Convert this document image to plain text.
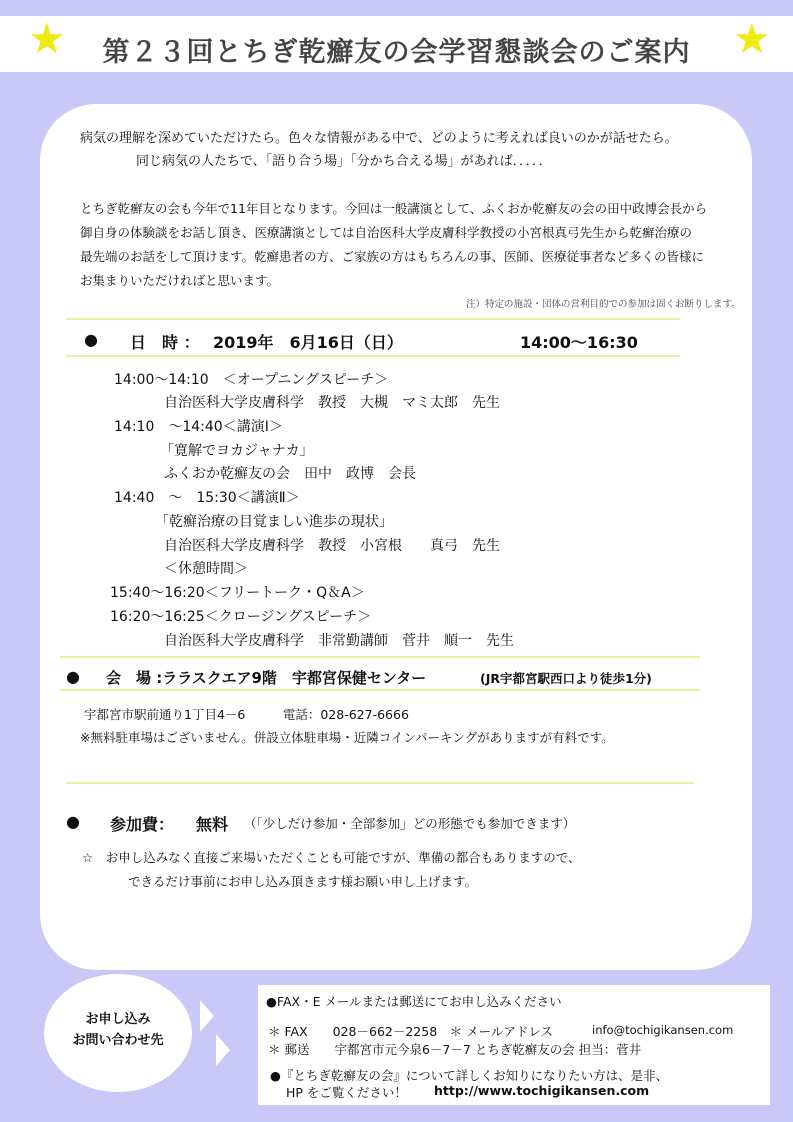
★	★
第２３回とちぎ乾癬友の会学習懇談会のご案内
病気の理解を深めていただけたら。色々な情報がある中で、どのように考えれば良いのかが話せたら。
同じ病気の人たちで、「語り合う場」「分かち合える場」があれば．．．．．
とちぎ乾癬友の会も今年で11年目となります。今回は一般講演として、ふくおか乾癬友の会の田中政博会長から
御自身の体験談をお話し頂き、医療講演としては自治医科大学皮膚科学教授の小宮根真弓先生から乾癬治療の
最先端のお話をして頂けます。乾癬患者の方、ご家族の方はもちろんの事、医師、医療従事者など多くの皆様に
お集まりいただければと思います。
注）特定の施設・団体の営利目的での参加は固くお断りします。
● 日　時 ： 2019年　6月16日（日）	14:00〜16:30
14:00〜14:10　＜オープニングスピーチ＞
自治医科大学皮膚科学　教授　大槻　マミ太郎　先生
14:10　〜14:40＜講演Ⅰ＞
「寛解でヨカジャナカ」
ふくおか乾癬友の会　田中　政博　会長
14:40　〜　15:30＜講演Ⅱ＞
「乾癬治療の目覚ましい進歩の現状」
自治医科大学皮膚科学　教授　小宮根　　真弓　先生
＜休憩時間＞
15:40〜16:20＜フリートーク・Q＆A＞
16:20〜16:25＜クロージングスピーチ＞
自治医科大学皮膚科学　非常勤講師　菅井　順一　先生
● 会　場 :ララスクエア9階　宇都宮保健センター	(JR宇都宮駅西口より徒歩1分)
宇都宮市駅前通り1丁目4－6　　　電話：028-627-6666
※無料駐車場はございません。併設立体駐車場・近隣コインパーキングがありますが有料です。
● 参加費： 無料 （「少しだけ参加・全部参加」どの形態でも参加できます）
☆　お申し込みなく直接ご来場いただくことも可能ですが、準備の都合もありますので、
できるだけ事前にお申し込み頂きます様お願い申し上げます。
お申し込み
お問い合わせ先
●FAX・E メールまたは郵送にてお申し込みください
＊ FAX　　028－662－2258　＊ メールアドレス	info@tochigikansen.com
＊ 郵送　　宇都宮市元今泉6－7－7 とちぎ乾癬友の会 担当：菅井
●『とちぎ乾癬友の会』について詳しくお知りになりたい方は、是非、
HP をご覧ください！ http://www.tochigikansen.com
